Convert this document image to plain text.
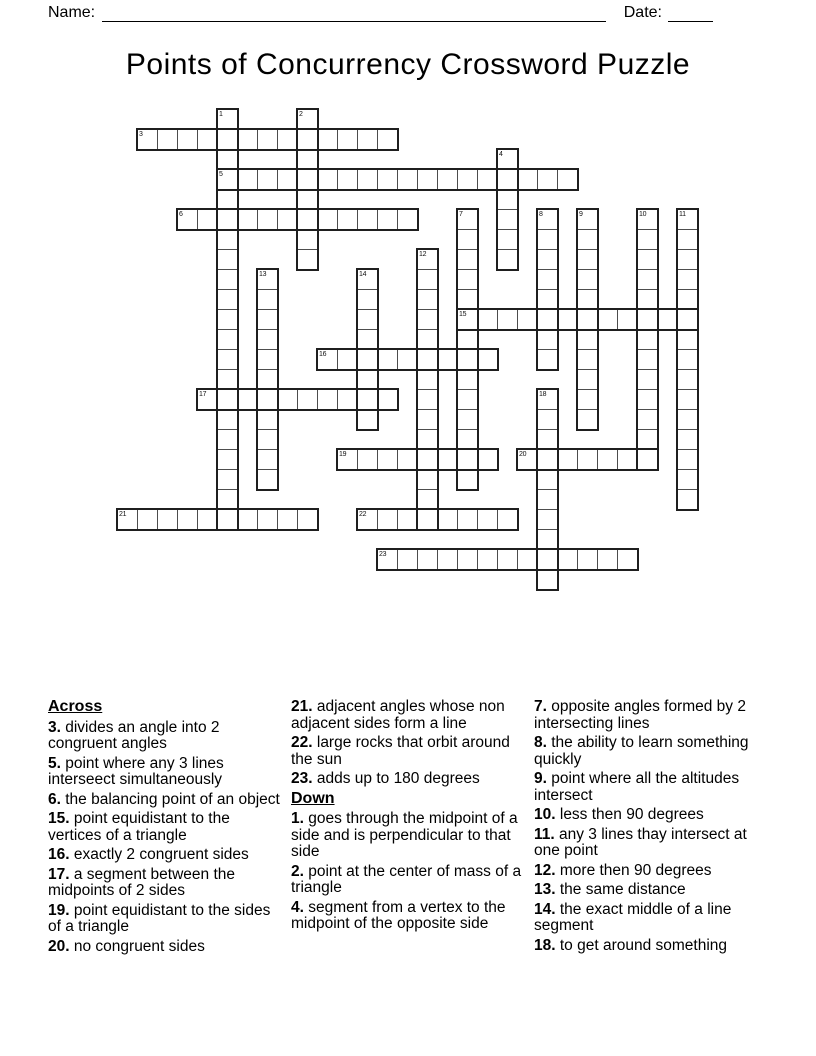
Name:	Date:
Points of Concurrency Crossword Puzzle
3
5
6
15
16
17
19	20
21	22
23
1	2
4
7	8	9	10	11
12
13	14
18
Across
3. divides an angle into 2 congruent angles
5. point where any 3 lines interseect simultaneously
6. the balancing point of an object
15. point equidistant to the vertices of a triangle
16. exactly 2 congruent sides
17. a segment between the midpoints of 2 sides
19. point equidistant to the sides of a triangle
20. no congruent sides
21. adjacent angles whose non adjacent sides form a line
22. large rocks that orbit around the sun
23. adds up to 180 degrees
Down
1. goes through the midpoint of a side and is perpendicular to that side
2. point at the center of mass of a triangle
4. segment from a vertex to the midpoint of the opposite side
7. opposite angles formed by 2 intersecting lines
8. the ability to learn something quickly
9. point where all the altitudes intersect
10. less then 90 degrees
11. any 3 lines thay intersect at one point
12. more then 90 degrees
13. the same distance
14. the exact middle of a line segment
18. to get around something
